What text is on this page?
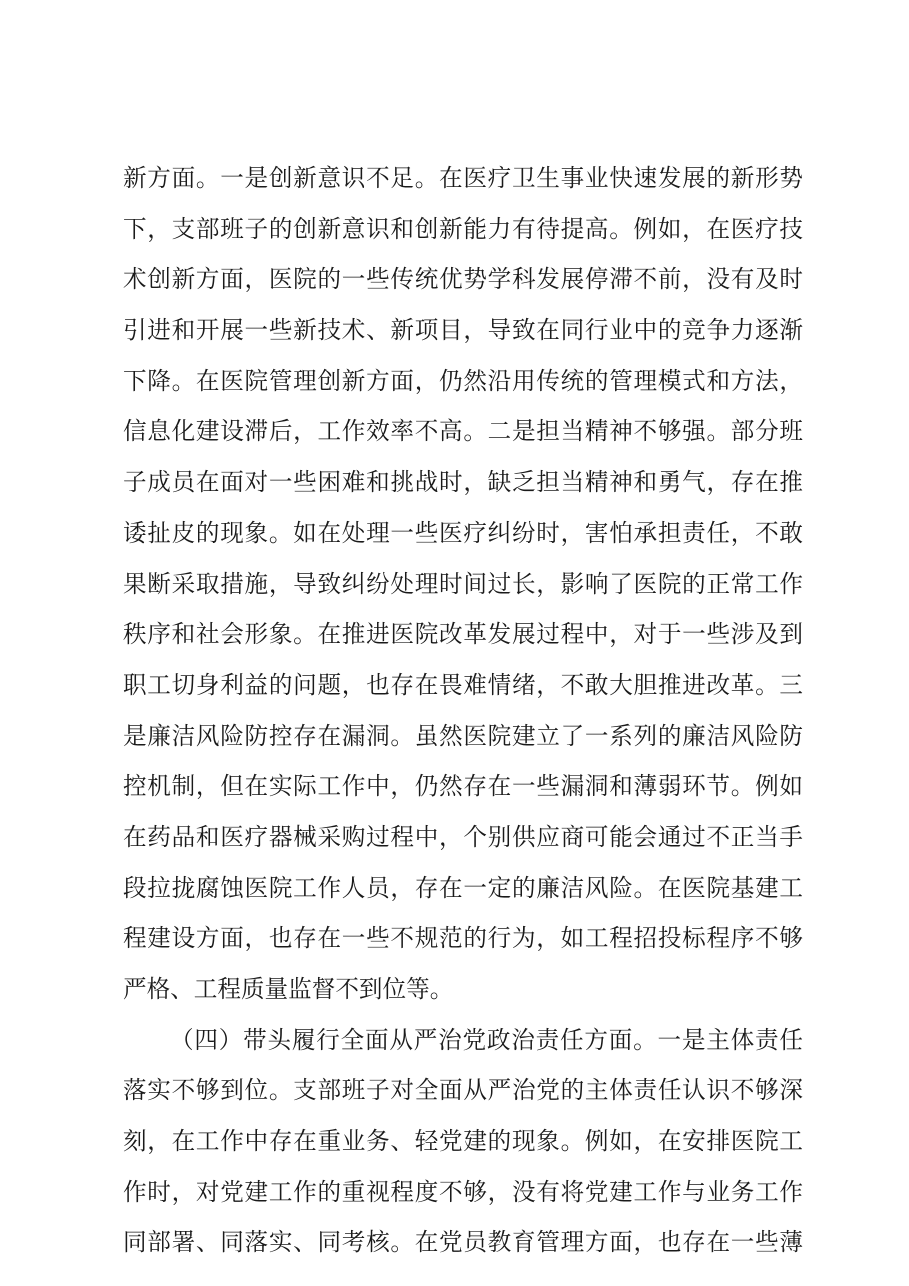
新方面。一是创新意识不足。在医疗卫生事业快速发展的新形势
下，支部班子的创新意识和创新能力有待提高。例如，在医疗技
术创新方面，医院的一些传统优势学科发展停滞不前，没有及时
引进和开展一些新技术、新项目，导致在同行业中的竞争力逐渐
下降。在医院管理创新方面，仍然沿用传统的管理模式和方法，
信息化建设滞后，工作效率不高。二是担当精神不够强。部分班
子成员在面对一些困难和挑战时，缺乏担当精神和勇气，存在推
诿扯皮的现象。如在处理一些医疗纠纷时，害怕承担责任，不敢
果断采取措施，导致纠纷处理时间过长，影响了医院的正常工作
秩序和社会形象。在推进医院改革发展过程中，对于一些涉及到
职工切身利益的问题，也存在畏难情绪，不敢大胆推进改革。三
是廉洁风险防控存在漏洞。虽然医院建立了一系列的廉洁风险防
控机制，但在实际工作中，仍然存在一些漏洞和薄弱环节。例如
在药品和医疗器械采购过程中，个别供应商可能会通过不正当手
段拉拢腐蚀医院工作人员，存在一定的廉洁风险。在医院基建工
程建设方面，也存在一些不规范的行为，如工程招投标程序不够
严格、工程质量监督不到位等。
（四）带头履行全面从严治党政治责任方面。一是主体责任
落实不够到位。支部班子对全面从严治党的主体责任认识不够深
刻，在工作中存在重业务、轻党建的现象。例如，在安排医院工
作时，对党建工作的重视程度不够，没有将党建工作与业务工作
同部署、同落实、同考核。在党员教育管理方面，也存在一些薄
